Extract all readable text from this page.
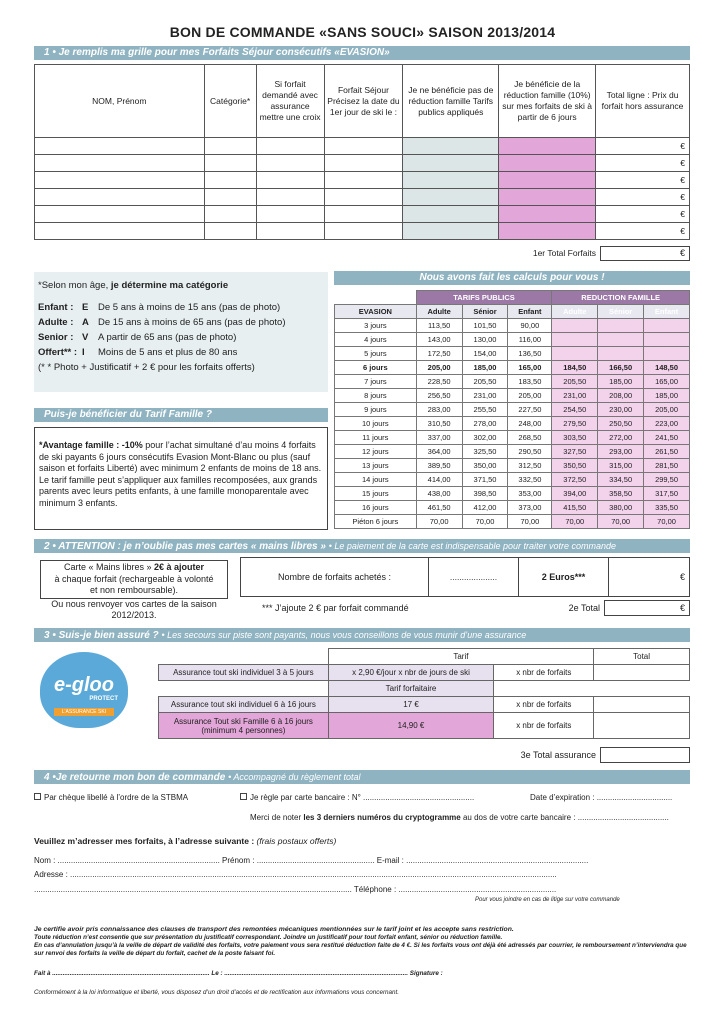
BON DE COMMANDE «SANS SOUCI» SAISON 2013/2014
1 • Je remplis ma grille pour mes Forfaits Séjour consécutifs «EVASION»
NOM, Prénom	Catégorie*	Si forfait demandé avec assurance mettre une croix	Forfait Séjour Précisez la date du 1er jour de ski le :	Je ne bénéficie pas de réduction famille Tarifs publics appliqués	Je bénéficie de la réduction famille (10%) sur mes forfaits de ski à partir de 6 jours	Total ligne : Prix du forfait hors assurance
						€
						€
						€
						€
						€
						€
1er Total Forfaits	€
*Selon mon âge, je détermine ma catégorie
Enfant : E De 5 ans à moins de 15 ans (pas de photo)
Adulte : A De 15 ans à moins de 65 ans (pas de photo)
Senior : V A partir de 65 ans (pas de photo)
Offert** : I Moins de 5 ans et plus de 80 ans
(* * Photo + Justificatif + 2 € pour les forfaits offerts)
Puis-je bénéficier du Tarif Famille ?
*Avantage famille : -10% pour l’achat simultané d’au moins 4 forfaits de ski payants 6 jours consécutifs Evasion Mont-Blanc ou plus (sauf saison et forfaits Liberté) avec minimum 2 enfants de moins de 18 ans.
Le tarif famille peut s’appliquer aux familles recomposées, aux grands parents avec leurs petits enfants, à une famille monoparentale avec minimum 3 enfants.
Nous avons fait les calculs pour vous !
	TARIFS PUBLICS			REDUCTION FAMILLE		
EVASION	Adulte	Sénior	Enfant	Adulte	Sénior	Enfant
3 jours	113,50	101,50	90,00			
4 jours	143,00	130,00	116,00			
5 jours	172,50	154,00	136,50			
6 jours	205,00	185,00	165,00	184,50	166,50	148,50
7 jours	228,50	205,50	183,50	205,50	185,00	165,00
8 jours	256,50	231,00	205,00	231,00	208,00	185,00
9 jours	283,00	255,50	227,50	254,50	230,00	205,00
10 jours	310,50	278,00	248,00	279,50	250,50	223,00
11 jours	337,00	302,00	268,50	303,50	272,00	241,50
12 jours	364,00	325,50	290,50	327,50	293,00	261,50
13 jours	389,50	350,00	312,50	350,50	315,00	281,50
14 jours	414,00	371,50	332,50	372,50	334,50	299,50
15 jours	438,00	398,50	353,00	394,00	358,50	317,50
16 jours	461,50	412,00	373,00	415,50	380,00	335,50
Piéton 6 jours	70,00	70,00	70,00	70,00	70,00	70,00
2 • ATTENTION : je n’oublie pas mes cartes « mains libres » • Le paiement de la carte est indispensable pour traiter votre commande
Carte « Mains libres » 2€ à ajouter
à chaque forfait (rechargeable à volonté
et non remboursable).
Ou nous renvoyer vos cartes de la saison 2012/2013.
Nombre de forfaits achetés :	....................	2 Euros***	€
*** J’ajoute 2 € par forfait commandé	2e Total	€
3 • Suis-je bien assuré ? • Les secours sur piste sont payants, nous vous conseillons de vous munir d’une assurance
e-gloo
PROTECT
L’ASSURANCE SKI
	Tarif		Total
Assurance tout ski individuel 3 à 5 jours	x 2,90 €/jour x nbr de jours de ski	x nbr de forfaits	
	Tarif forfaitaire		
Assurance tout ski individuel 6 à 16 jours	17 €	x nbr de forfaits	
Assurance Tout ski Famille 6 à 16 jours (minimum 4 personnes)	14,90 €	x nbr de forfaits	
3e Total assurance
4 •Je retourne mon bon de commande • Accompagné du règlement total
Par chèque libellé à l’ordre de la STBMA	Je règle par carte bancaire : N° ..................................................	Date d’expiration : ..................................
Merci de noter les 3 derniers numéros du cryptogramme au dos de votre carte bancaire : .........................................
Veuillez m’adresser mes forfaits, à l’adresse suivante : (frais postaux offerts)
Nom : ......................................................................... Prénom : ..................................................... E-mail : ..................................................................................
Adresse : ...........................................................................................................................................................................................................................
............................................................................................................................................... Téléphone : .......................................................................
Pour vous joindre en cas de litige sur votre commande
Je certifie avoir pris connaissance des clauses de transport des remontées mécaniques mentionnées sur le tarif joint et les accepte sans restriction.
Toute réduction n’est consentie que sur présentation du justificatif correspondant. Joindre un justificatif pour tout forfait enfant, sénior ou réduction famille.
En cas d’annulation jusqu’à la veille de départ de validité des forfaits, votre paiement vous sera restitué déduction faite de 4 €. Si les forfaits vous ont déjà été adressés par courrier, le remboursement n’interviendra que sur renvoi des forfaits la veille de départ du forfait, cachet de la poste faisant foi.
Fait à .......................................................................................... Le : ......................................................................................................... Signature :
Conformément à la loi informatique et liberté, vous disposez d’un droit d’accès et de rectification aux informations vous concernant.
